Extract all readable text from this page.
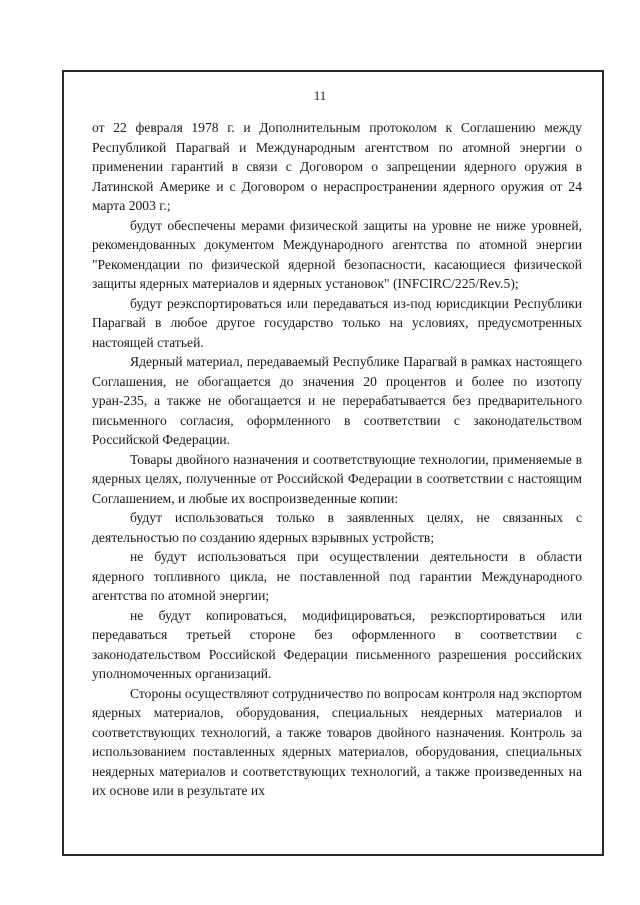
11

от 22 февраля 1978 г. и Дополнительным протоколом к Соглашению между Республикой Парагвай и Международным агентством по атомной энергии о применении гарантий в связи с Договором о запрещении ядерного оружия в Латинской Америке и с Договором о нераспространении ядерного оружия от 24 марта 2003 г.;

будут обеспечены мерами физической защиты на уровне не ниже уровней, рекомендованных документом Международного агентства по атомной энергии "Рекомендации по физической ядерной безопасности, касающиеся физической защиты ядерных материалов и ядерных установок" (INFCIRC/225/Rev.5);

будут реэкспортироваться или передаваться из-под юрисдикции Республики Парагвай в любое другое государство только на условиях, предусмотренных настоящей статьей.

Ядерный материал, передаваемый Республике Парагвай в рамках настоящего Соглашения, не обогащается до значения 20 процентов и более по изотопу уран-235, а также не обогащается и не перерабатывается без предварительного письменного согласия, оформленного в соответствии с законодательством Российской Федерации.

Товары двойного назначения и соответствующие технологии, применяемые в ядерных целях, полученные от Российской Федерации в соответствии с настоящим Соглашением, и любые их воспроизведенные копии:

будут использоваться только в заявленных целях, не связанных с деятельностью по созданию ядерных взрывных устройств;

не будут использоваться при осуществлении деятельности в области ядерного топливного цикла, не поставленной под гарантии Международного агентства по атомной энергии;

не будут копироваться, модифицироваться, реэкспортироваться или передаваться третьей стороне без оформленного в соответствии с законодательством Российской Федерации письменного разрешения российских уполномоченных организаций.

Стороны осуществляют сотрудничество по вопросам контроля над экспортом ядерных материалов, оборудования, специальных неядерных материалов и соответствующих технологий, а также товаров двойного назначения. Контроль за использованием поставленных ядерных материалов, оборудования, специальных неядерных материалов и соответствующих технологий, а также произведенных на их основе или в результате их
